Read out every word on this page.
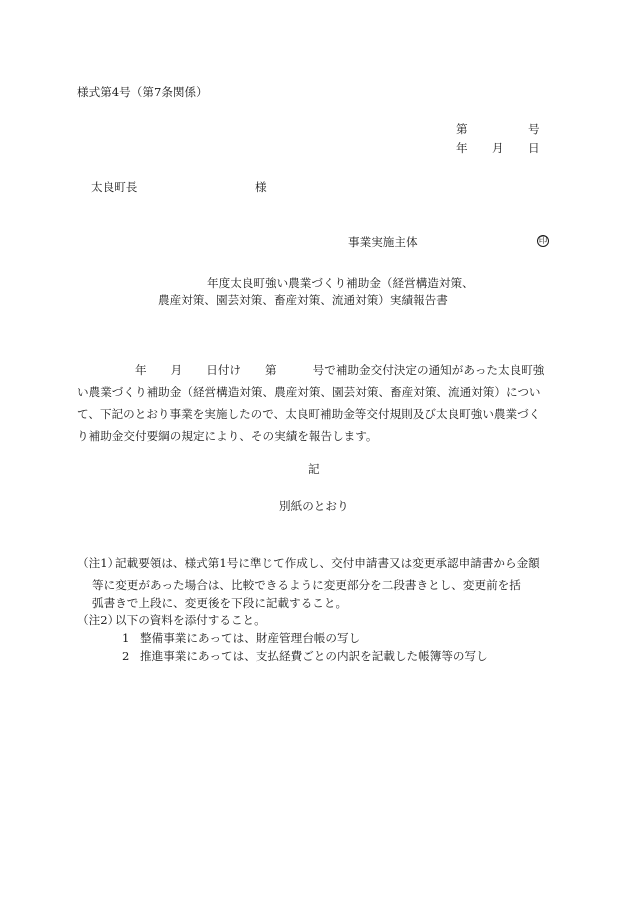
様式第4号（第7条関係）
第	号
年 月 日
太良町長	様
事業実施主体	印
年度太良町強い農業づくり補助金（経営構造対策、
農産対策、園芸対策、畜産対策、流通対策）実績報告書
年 月 日付け 第	号で補助金交付決定の通知があった太良町強
い農業づくり補助金（経営構造対策、農産対策、園芸対策、畜産対策、流通対策）につい
て、下記のとおり事業を実施したので、太良町補助金等交付規則及び太良町強い農業づく
り補助金交付要綱の規定により、その実績を報告します。
記
別紙のとおり
（注1）記載要領は、様式第1号に準じて作成し、交付申請書又は変更承認申請書から金額
等に変更があった場合は、比較できるように変更部分を二段書きとし、変更前を括
弧書きで上段に、変更後を下段に記載すること。
（注2）以下の資料を添付すること。
1 整備事業にあっては、財産管理台帳の写し
2 推進事業にあっては、支払経費ごとの内訳を記載した帳簿等の写し
